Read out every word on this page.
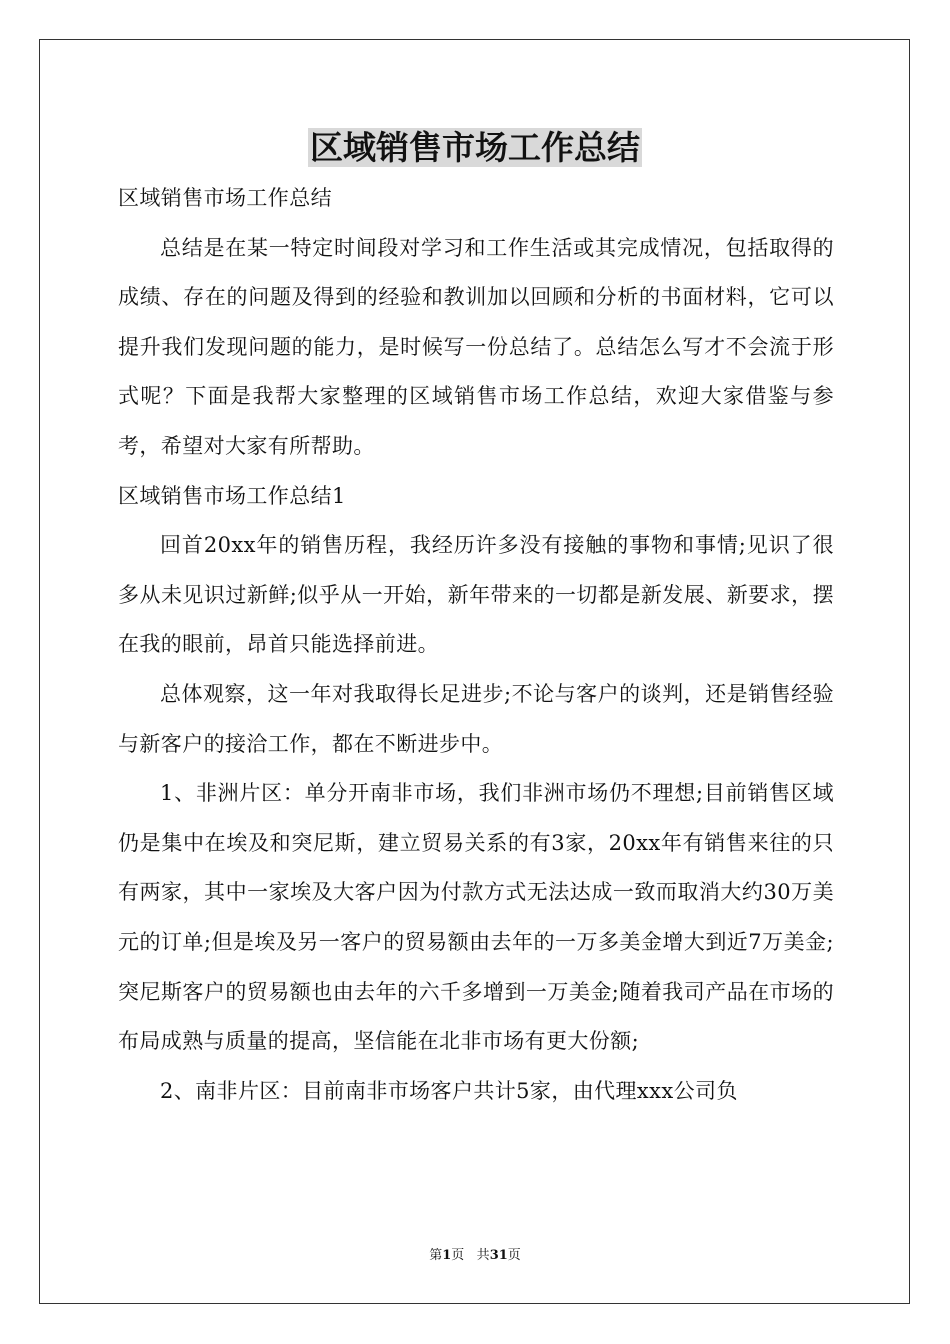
区域销售市场工作总结

区域销售市场工作总结

总结是在某一特定时间段对学习和工作生活或其完成情况，包括取得的成绩、存在的问题及得到的经验和教训加以回顾和分析的书面材料，它可以提升我们发现问题的能力，是时候写一份总结了。总结怎么写才不会流于形式呢？下面是我帮大家整理的区域销售市场工作总结，欢迎大家借鉴与参考，希望对大家有所帮助。

区域销售市场工作总结1

回首20xx年的销售历程，我经历许多没有接触的事物和事情;见识了很多从未见识过新鲜;似乎从一开始，新年带来的一切都是新发展、新要求，摆在我的眼前，昂首只能选择前进。

总体观察，这一年对我取得长足进步;不论与客户的谈判，还是销售经验与新客户的接洽工作，都在不断进步中。

1、非洲片区：单分开南非市场，我们非洲市场仍不理想;目前销售区域仍是集中在埃及和突尼斯，建立贸易关系的有3家，20xx年有销售来往的只有两家，其中一家埃及大客户因为付款方式无法达成一致而取消大约30万美元的订单;但是埃及另一客户的贸易额由去年的一万多美金增大到近7万美金;突尼斯客户的贸易额也由去年的六千多增到一万美金;随着我司产品在市场的布局成熟与质量的提高，坚信能在北非市场有更大份额;

2、南非片区：目前南非市场客户共计5家，由代理xxx公司负

第1页 共31页
